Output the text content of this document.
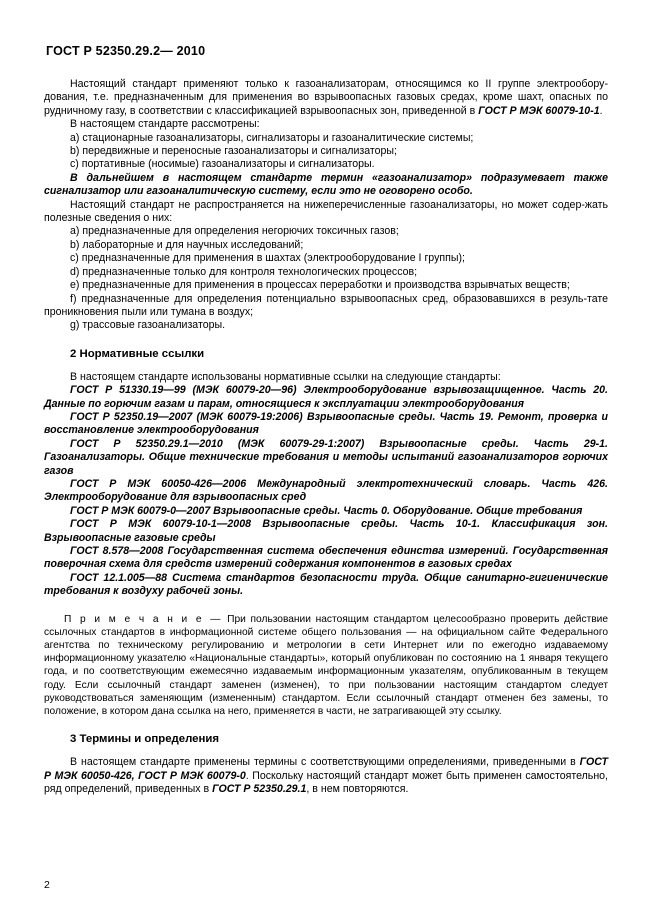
ГОСТ Р 52350.29.2— 2010

Настоящий стандарт применяют только к газоанализаторам, относящимся ко II группе электрообору-дования, т.е. предназначенным для применения во взрывоопасных газовых средах, кроме шахт, опасных по рудничному газу, в соответствии с классификацией взрывоопасных зон, приведенной в ГОСТ Р МЭК 60079-10-1.

В настоящем стандарте рассмотрены:

a) стационарные газоанализаторы, сигнализаторы и газоаналитические системы;

b) передвижные и переносные газоанализаторы и сигнализаторы;

c) портативные (носимые) газоанализаторы и сигнализаторы.

В дальнейшем в настоящем стандарте термин «газоанализатор» подразумевает также сигнализатор или газоаналитическую систему, если это не оговорено особо.

Настоящий стандарт не распространяется на нижеперечисленные газоанализаторы, но может содер-жать полезные сведения о них:

a) предназначенные для определения негорючих токсичных газов;

b) лабораторные и для научных исследований;

c) предназначенные для применения в шахтах (электрооборудование I группы);

d) предназначенные только для контроля технологических процессов;

e) предназначенные для применения в процессах переработки и производства взрывчатых веществ;

f) предназначенные для определения потенциально взрывоопасных сред, образовавшихся в резуль-тате проникновения пыли или тумана в воздух;

g) трассовые газоанализаторы.

2 Нормативные ссылки

В настоящем стандарте использованы нормативные ссылки на следующие стандарты:

ГОСТ Р 51330.19—99 (МЭК 60079-20—96) Электрооборудование взрывозащищенное. Часть 20. Данные по горючим газам и парам, относящиеся к эксплуатации электрооборудования

ГОСТ Р 52350.19—2007 (МЭК 60079-19:2006) Взрывоопасные среды. Часть 19. Ремонт, проверка и восстановление электрооборудования

ГОСТ Р 52350.29.1—2010 (МЭК 60079-29-1:2007) Взрывоопасные среды. Часть 29-1. Газоанализаторы. Общие технические требования и методы испытаний газоанализаторов горючих газов

ГОСТ Р МЭК 60050-426—2006 Международный электротехнический словарь. Часть 426. Электрооборудование для взрывоопасных сред

ГОСТ Р МЭК 60079-0—2007 Взрывоопасные среды. Часть 0. Оборудование. Общие требования

ГОСТ Р МЭК 60079-10-1—2008 Взрывоопасные среды. Часть 10-1. Классификация зон. Взрывоопасные газовые среды

ГОСТ 8.578—2008 Государственная система обеспечения единства измерений. Государственная поверочная схема для средств измерений содержания компонентов в газовых средах

ГОСТ 12.1.005—88 Система стандартов безопасности труда. Общие санитарно-гигиенические требования к воздуху рабочей зоны.

П р и м е ч а н и е — При пользовании настоящим стандартом целесообразно проверить действие ссылочных стандартов в информационной системе общего пользования — на официальном сайте Федерального агентства по техническому регулированию и метрологии в сети Интернет или по ежегодно издаваемому информационному указателю «Национальные стандарты», который опубликован по состоянию на 1 января текущего года, и по соответствующим ежемесячно издаваемым информационным указателям, опубликованным в текущем году. Если ссылочный стандарт заменен (изменен), то при пользовании настоящим стандартом следует руководствоваться заменяющим (измененным) стандартом. Если ссылочный стандарт отменен без замены, то положение, в котором дана ссылка на него, применяется в части, не затрагивающей эту ссылку.

3 Термины и определения

В настоящем стандарте применены термины с соответствующими определениями, приведенными в ГОСТ Р МЭК 60050-426, ГОСТ Р МЭК 60079-0. Поскольку настоящий стандарт может быть применен самостоятельно, ряд определений, приведенных в ГОСТ Р 52350.29.1, в нем повторяются.

2
